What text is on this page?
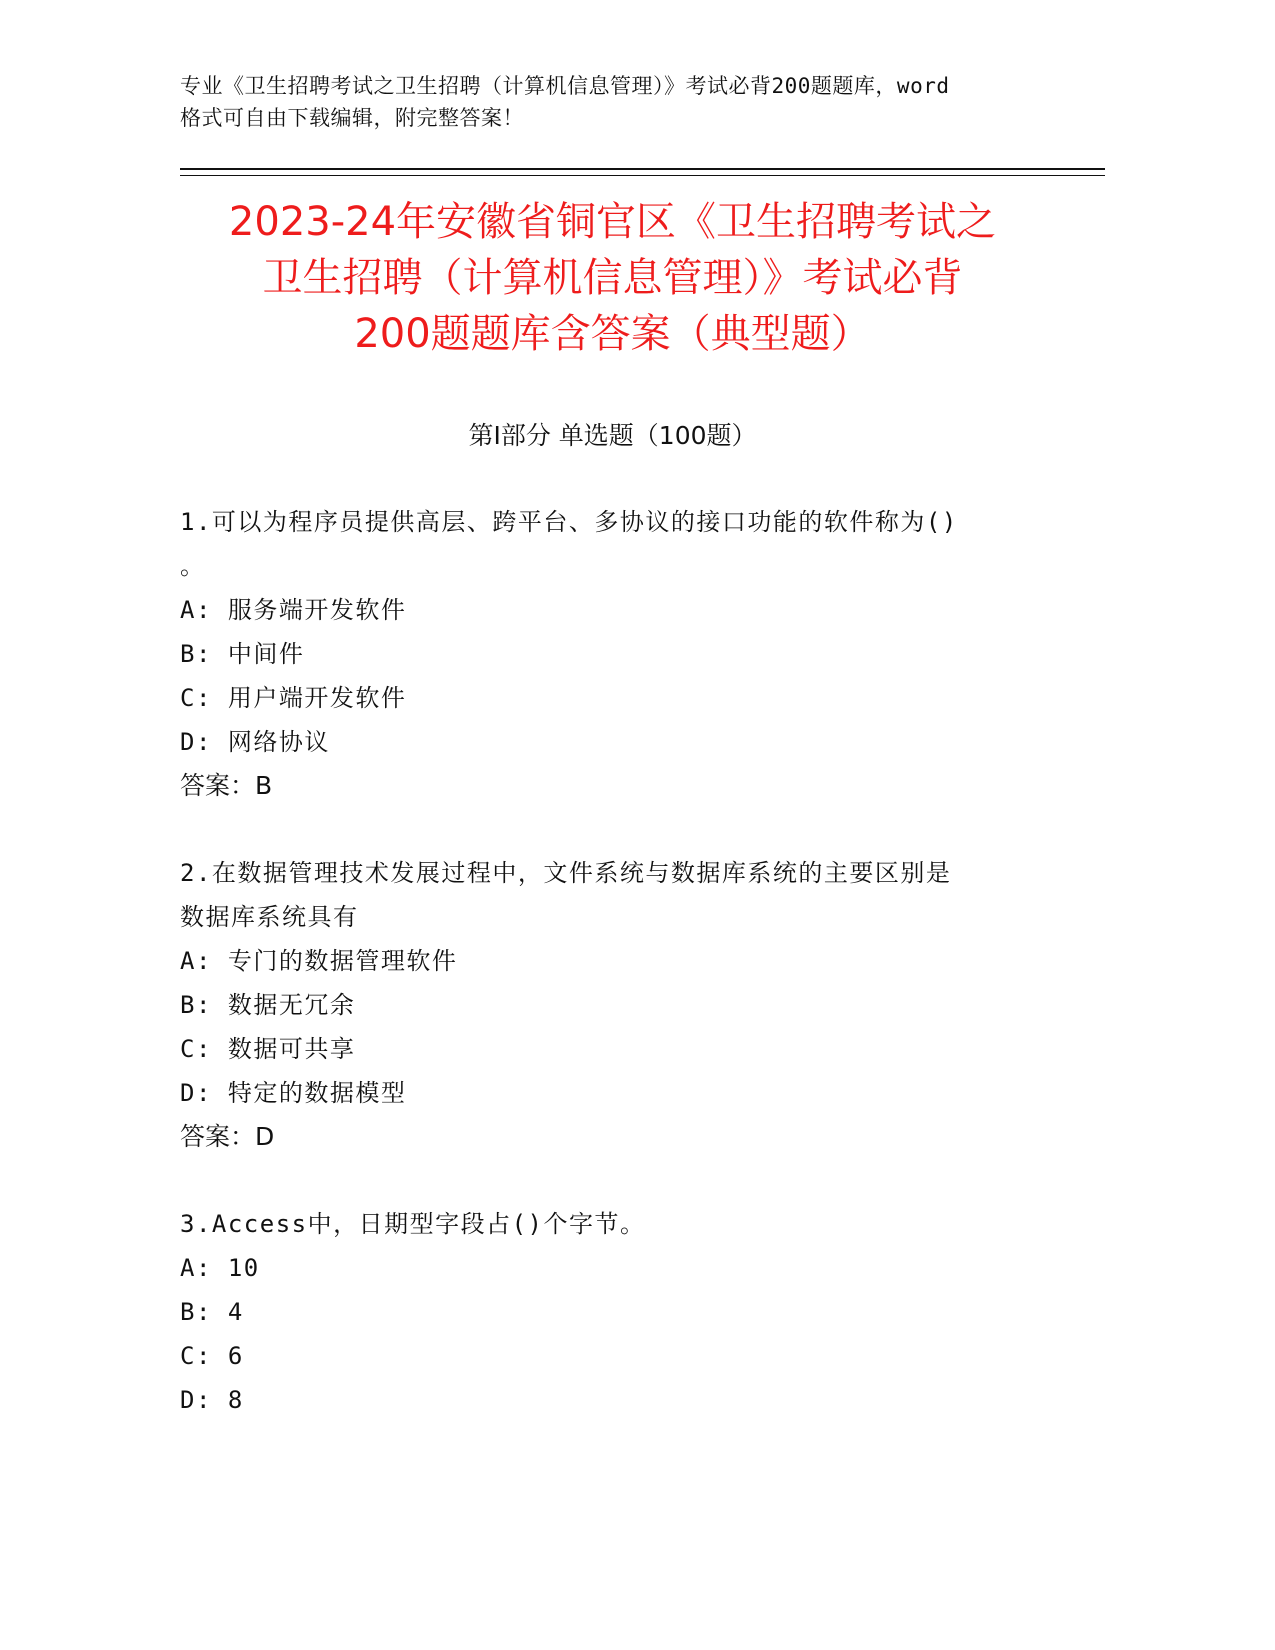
专业《卫生招聘考试之卫生招聘（计算机信息管理）》考试必背200题题库，word
格式可自由下载编辑，附完整答案！
2023-24年安徽省铜官区《卫生招聘考试之
卫生招聘（计算机信息管理）》考试必背
200题题库含答案（典型题）
第Ⅰ部分 单选题（100题）

1.可以为程序员提供高层、跨平台、多协议的接口功能的软件称为()

。

A: 服务端开发软件

B: 中间件

C: 用户端开发软件

D: 网络协议

答案：B

2.在数据管理技术发展过程中，文件系统与数据库系统的主要区别是

数据库系统具有

A: 专门的数据管理软件

B: 数据无冗余

C: 数据可共享

D: 特定的数据模型

答案：D

3.Access中，日期型字段占()个字节。

A: 10

B: 4

C: 6

D: 8
